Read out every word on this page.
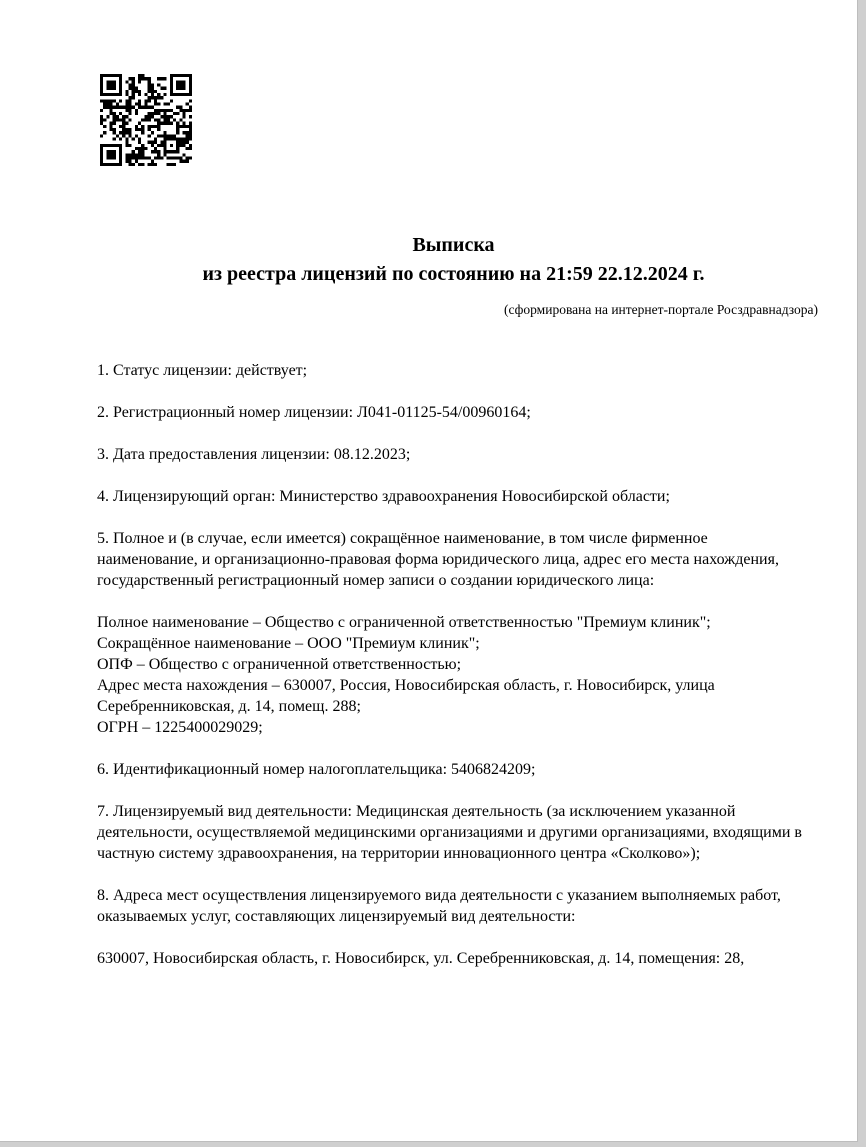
Выписка
из реестра лицензий по состоянию на 21:59 22.12.2024 г.
(сформирована на интернет-портале Росздравнадзора)

1. Статус лицензии: действует;

2. Регистрационный номер лицензии: Л041-01125-54/00960164;

3. Дата предоставления лицензии: 08.12.2023;

4. Лицензирующий орган: Министерство здравоохранения Новосибирской области;

5. Полное и (в случае, если имеется) сокращённое наименование, в том числе фирменное наименование, и организационно-правовая форма юридического лица, адрес его места нахождения, государственный регистрационный номер записи о создании юридического лица:

Полное наименование – Общество с ограниченной ответственностью "Премиум клиник";

Сокращённое наименование – ООО "Премиум клиник";

ОПФ – Общество с ограниченной ответственностью;

Адрес места нахождения – 630007, Россия, Новосибирская область, г. Новосибирск, улица Серебренниковская, д. 14, помещ. 288;

ОГРН – 1225400029029;

6. Идентификационный номер налогоплательщика: 5406824209;

7. Лицензируемый вид деятельности: Медицинская деятельность (за исключением указанной деятельности, осуществляемой медицинскими организациями и другими организациями, входящими в частную систему здравоохранения, на территории инновационного центра «Сколково»);

8. Адреса мест осуществления лицензируемого вида деятельности с указанием выполняемых работ, оказываемых услуг, составляющих лицензируемый вид деятельности:

630007, Новосибирская область, г. Новосибирск, ул. Серебренниковская, д. 14, помещения: 28,
